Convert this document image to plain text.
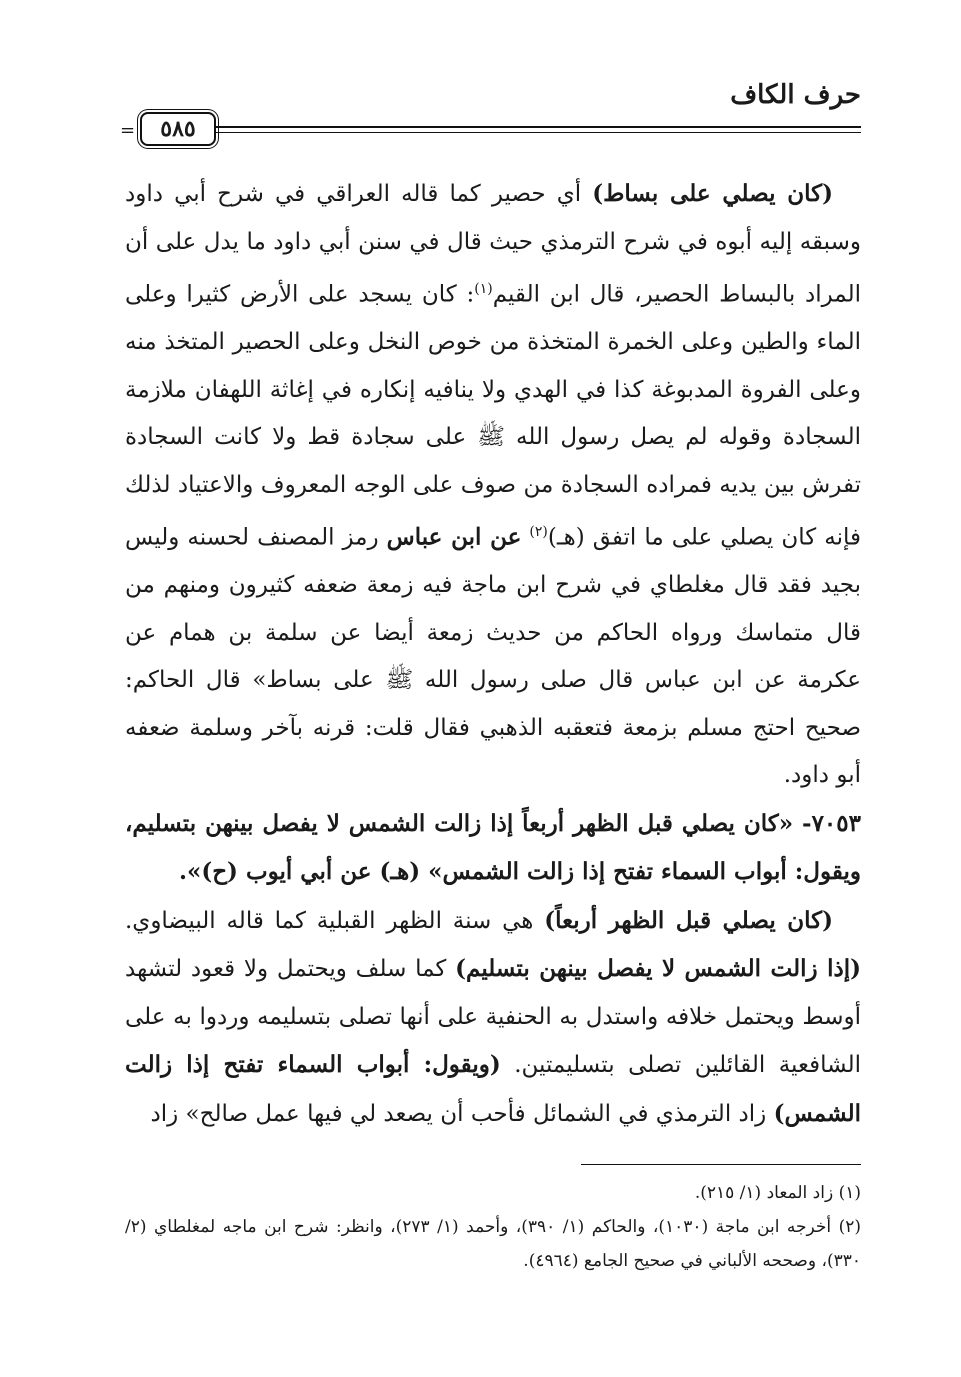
حرف الكاف
=	٥٨٥

(كان يصلي على بساط) أي حصير كما قاله العراقي في شرح أبي داود وسبقه إليه أبوه في شرح الترمذي حيث قال في سنن أبي داود ما يدل على أن المراد بالبساط الحصير، قال ابن القيم$^{(١)}$: كان يسجد على الأرض كثيرا وعلى الماء والطين وعلى الخمرة المتخذة من خوص النخل وعلى الحصير المتخذ منه وعلى الفروة المدبوغة كذا في الهدي ولا ينافيه إنكاره في إغاثة اللهفان ملازمة السجادة وقوله لم يصل رسول الله ﷺ على سجادة قط ولا كانت السجادة تفرش بين يديه فمراده السجادة من صوف على الوجه المعروف والاعتياد لذلك فإنه كان يصلي على ما اتفق (هـ)$^{(٢)}$ عن ابن عباس رمز المصنف لحسنه وليس بجيد فقد قال مغلطاي في شرح ابن ماجة فيه زمعة ضعفه كثيرون ومنهم من قال متماسك ورواه الحاكم من حديث زمعة أيضا عن سلمة بن همام عن عكرمة عن ابن عباس قال صلى رسول الله ﷺ على بساط» قال الحاكم: صحيح احتج مسلم بزمعة فتعقبه الذهبي فقال قلت: قرنه بآخر وسلمة ضعفه أبو داود.

٧٠٥٣- «كان يصلي قبل الظهر أربعاً إذا زالت الشمس لا يفصل بينهن بتسليم، ويقول: أبواب السماء تفتح إذا زالت الشمس» (هـ) عن أبي أيوب (ح)».

(كان يصلي قبل الظهر أربعاً) هي سنة الظهر القبلية كما قاله البيضاوي. (إذا زالت الشمس لا يفصل بينهن بتسليم) كما سلف ويحتمل ولا قعود لتشهد أوسط ويحتمل خلافه واستدل به الحنفية على أنها تصلى بتسليمه وردوا به على الشافعية القائلين تصلى بتسليمتين. (ويقول: أبواب السماء تفتح إذا زالت الشمس) زاد الترمذي في الشمائل فأحب أن يصعد لي فيها عمل صالح» زاد

(١) زاد المعاد (١/ ٢١٥).

(٢) أخرجه ابن ماجة (١٠٣٠)، والحاكم (١/ ٣٩٠)، وأحمد (١/ ٢٧٣)، وانظر: شرح ابن ماجه لمغلطاي (٢/ ٣٣٠)، وصححه الألباني في صحيح الجامع (٤٩٦٤).
